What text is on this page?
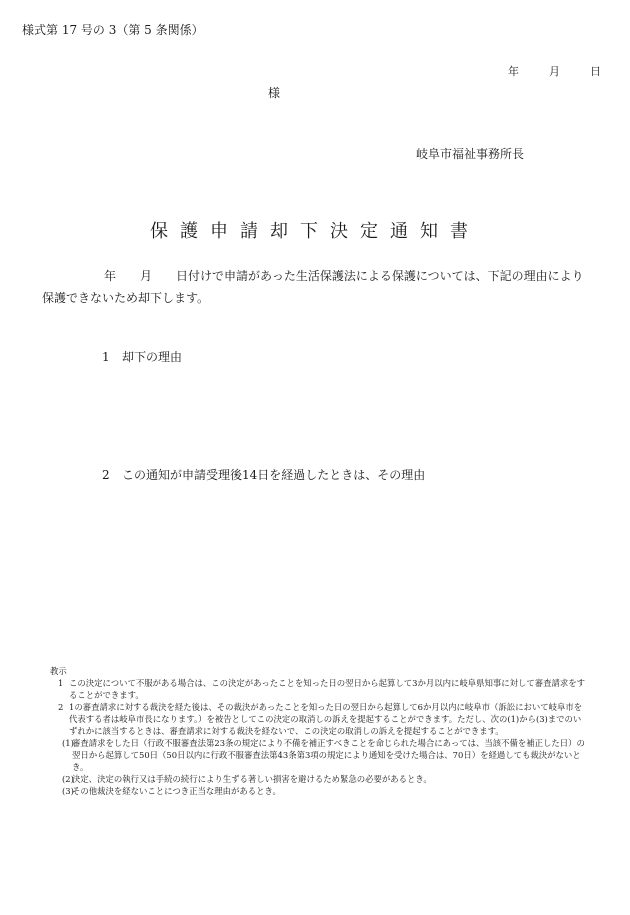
様式第 17 号の 3（第 5 条関係）
年	月	日
様
岐阜市福祉事務所長
保護申請却下決定通知書
年 月 日付けで申請があった生活保護法による保護については、下記の理由により保護できないため却下します。
1 却下の理由
2 この通知が申請受理後14日を経過したときは、その理由
教示
1 この決定について不服がある場合は、この決定があったことを知った日の翌日から起算して3か月以内に岐阜県知事に対して審査請求をすることができます。
2 1の審査請求に対する裁決を経た後は、その裁決があったことを知った日の翌日から起算して6か月以内に岐阜市（訴訟において岐阜市を代表する者は岐阜市長になります。）を被告としてこの決定の取消しの訴えを提起することができます。ただし、次の(1)から(3)までのいずれかに該当するときは、審査請求に対する裁決を経ないで、この決定の取消しの訴えを提起することができます。
(1)
審査請求をした日（行政不服審査法第23条の規定により不備を補正すべきことを命じられた場合にあっては、当該不備を補正した日）の翌日から起算して50日（50日以内に行政不服審査法第43条第3項の規定により通知を受けた場合は、70日）を経過しても裁決がないとき。
(2)
決定、決定の執行又は手続の続行により生ずる著しい損害を避けるため緊急の必要があるとき。
(3)
その他裁決を経ないことにつき正当な理由があるとき。
